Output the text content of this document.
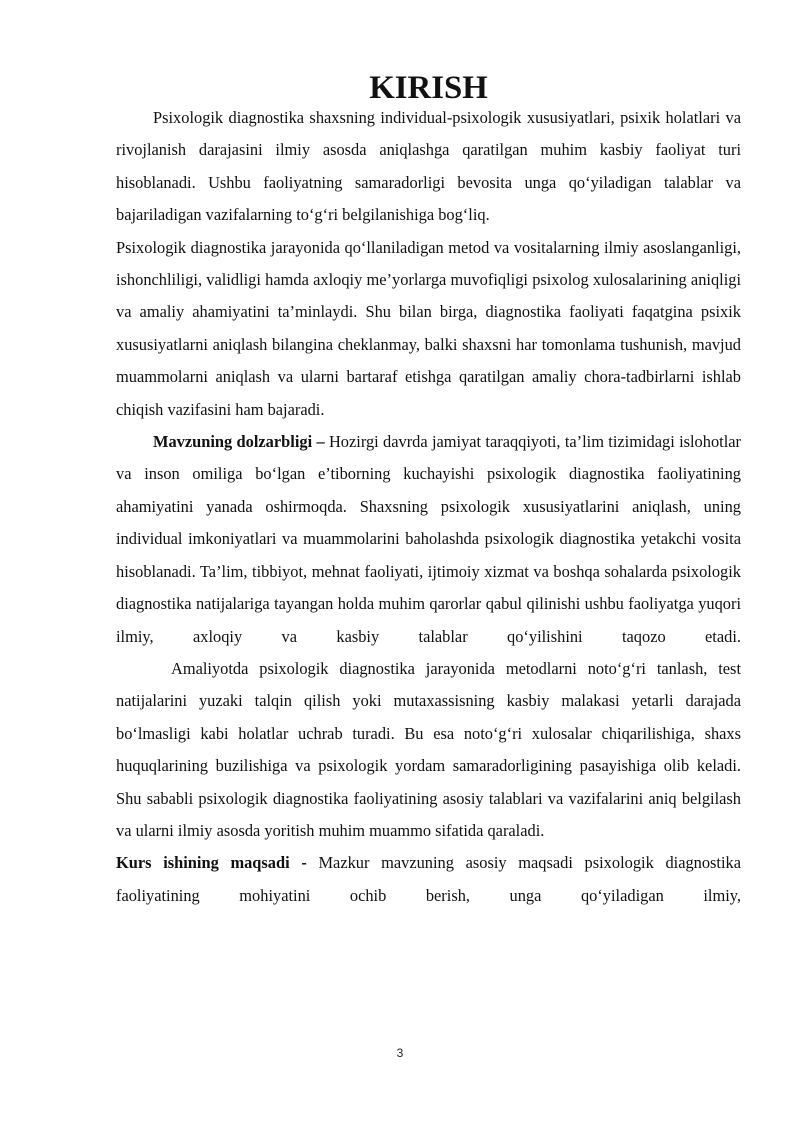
KIRISH

Psixologik diagnostika shaxsning individual-psixologik xususiyatlari, psixik holatlari va rivojlanish darajasini ilmiy asosda aniqlashga qaratilgan muhim kasbiy faoliyat turi hisoblanadi. Ushbu faoliyatning samaradorligi bevosita unga qo‘yiladigan talablar va bajariladigan vazifalarning to‘g‘ri belgilanishiga bog‘liq.

Psixologik diagnostika jarayonida qo‘llaniladigan metod va vositalarning ilmiy asoslanganligi, ishonchliligi, validligi hamda axloqiy me’yorlarga muvofiqligi psixolog xulosalarining aniqligi va amaliy ahamiyatini ta’minlaydi. Shu bilan birga, diagnostika faoliyati faqatgina psixik xususiyatlarni aniqlash bilangina cheklanmay, balki shaxsni har tomonlama tushunish, mavjud muammolarni aniqlash va ularni bartaraf etishga qaratilgan amaliy chora-tadbirlarni ishlab chiqish vazifasini ham bajaradi.

Mavzuning dolzarbligi – Hozirgi davrda jamiyat taraqqiyoti, ta’lim tizimidagi islohotlar va inson omiliga bo‘lgan e’tiborning kuchayishi psixologik diagnostika faoliyatining ahamiyatini yanada oshirmoqda. Shaxsning psixologik xususiyatlarini aniqlash, uning individual imkoniyatlari va muammolarini baholashda psixologik diagnostika yetakchi vosita hisoblanadi. Ta’lim, tibbiyot, mehnat faoliyati, ijtimoiy xizmat va boshqa sohalarda psixologik diagnostika natijalariga tayangan holda muhim qarorlar qabul qilinishi ushbu faoliyatga yuqori ilmiy, axloqiy va kasbiy talablar qo‘yilishini taqozo etadi.

Amaliyotda psixologik diagnostika jarayonida metodlarni noto‘g‘ri tanlash, test natijalarini yuzaki talqin qilish yoki mutaxassisning kasbiy malakasi yetarli darajada bo‘lmasligi kabi holatlar uchrab turadi. Bu esa noto‘g‘ri xulosalar chiqarilishiga, shaxs huquqlarining buzilishiga va psixologik yordam samaradorligining pasayishiga olib keladi. Shu sababli psixologik diagnostika faoliyatining asosiy talablari va vazifalarini aniq belgilash va ularni ilmiy asosda yoritish muhim muammo sifatida qaraladi.

Kurs ishining maqsadi - Mazkur mavzuning asosiy maqsadi psixologik diagnostika faoliyatining mohiyatini ochib berish, unga qo‘yiladigan ilmiy,

3
